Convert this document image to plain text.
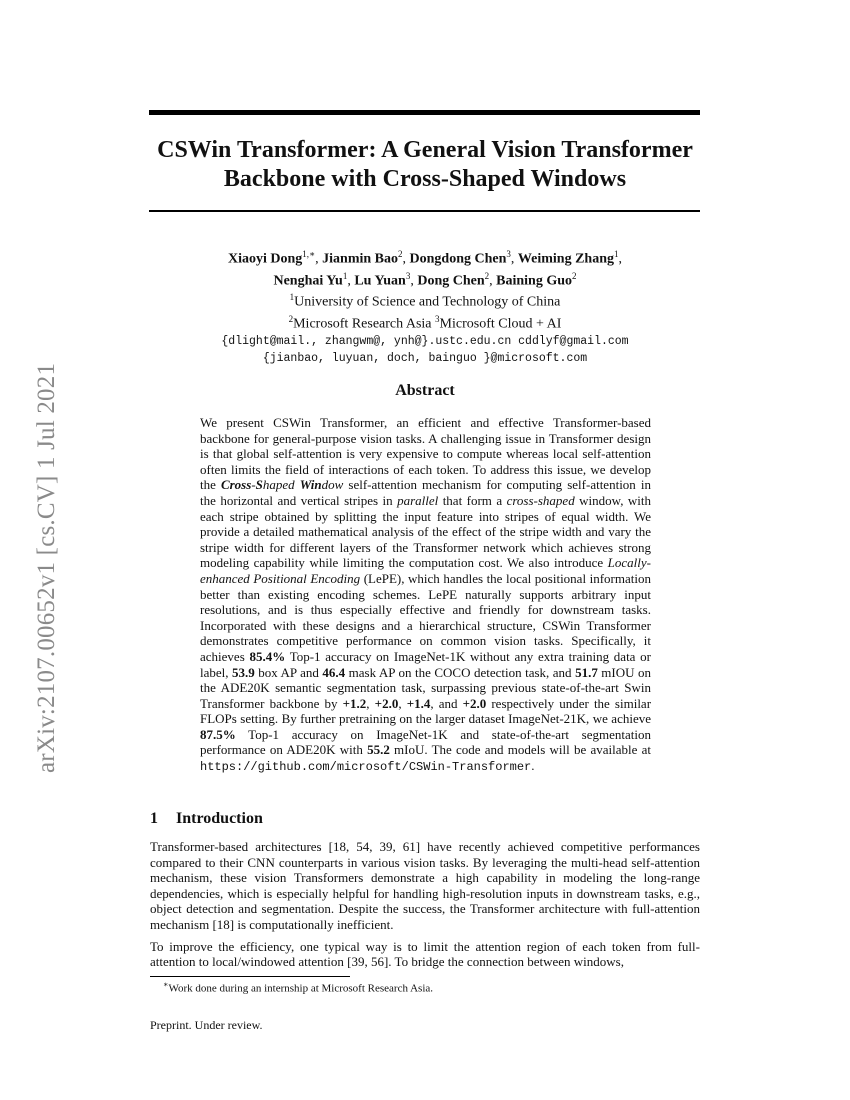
arXiv:2107.00652v1 [cs.CV] 1 Jul 2021
CSWin Transformer: A General Vision Transformer
Backbone with Cross-Shaped Windows
Xiaoyi Dong$^{1,∗}$, Jianmin Bao$^2$, Dongdong Chen$^3$, Weiming Zhang$^1$,
Nenghai Yu$^1$, Lu Yuan$^3$, Dong Chen$^2$, Baining Guo$^2$
$^1$University of Science and Technology of China
$^2$Microsoft Research Asia $^3$Microsoft Cloud + AI
{dlight@mail., zhangwm@, ynh@}.ustc.edu.cn cddlyf@gmail.com
{jianbao, luyuan, doch, bainguo }@microsoft.com
Abstract
We present CSWin Transformer, an efficient and effective Transformer-based backbone for general-purpose vision tasks. A challenging issue in Transformer design is that global self-attention is very expensive to compute whereas local self-attention often limits the field of interactions of each token. To address this issue, we develop the Cross-Shaped Window self-attention mechanism for computing self-attention in the horizontal and vertical stripes in parallel that form a cross-shaped window, with each stripe obtained by splitting the input feature into stripes of equal width. We provide a detailed mathematical analysis of the effect of the stripe width and vary the stripe width for different layers of the Transformer network which achieves strong modeling capability while limiting the computation cost. We also introduce Locally-enhanced Positional Encoding (LePE), which handles the local positional information better than existing encoding schemes. LePE naturally supports arbitrary input resolutions, and is thus especially effective and friendly for downstream tasks. Incorporated with these designs and a hierarchical structure, CSWin Transformer demonstrates competitive performance on common vision tasks. Specifically, it achieves 85.4% Top-1 accuracy on ImageNet-1K without any extra training data or label, 53.9 box AP and 46.4 mask AP on the COCO detection task, and 51.7 mIOU on the ADE20K semantic segmentation task, surpassing previous state-of-the-art Swin Transformer backbone by +1.2, +2.0, +1.4, and +2.0 respectively under the similar FLOPs setting. By further pretraining on the larger dataset ImageNet-21K, we achieve 87.5% Top-1 accuracy on ImageNet-1K and state-of-the-art segmentation performance on ADE20K with 55.2 mIoU. The code and models will be available at https://github.com/microsoft/CSWin-Transformer.
1 Introduction

Transformer-based architectures [18, 54, 39, 61] have recently achieved competitive performances compared to their CNN counterparts in various vision tasks. By leveraging the multi-head self-attention mechanism, these vision Transformers demonstrate a high capability in modeling the long-range dependencies, which is especially helpful for handling high-resolution inputs in downstream tasks, e.g., object detection and segmentation. Despite the success, the Transformer architecture with full-attention mechanism [18] is computationally inefficient.

To improve the efficiency, one typical way is to limit the attention region of each token from full-attention to local/windowed attention [39, 56]. To bridge the connection between windows,

∗Work done during an internship at Microsoft Research Asia.
Preprint. Under review.
